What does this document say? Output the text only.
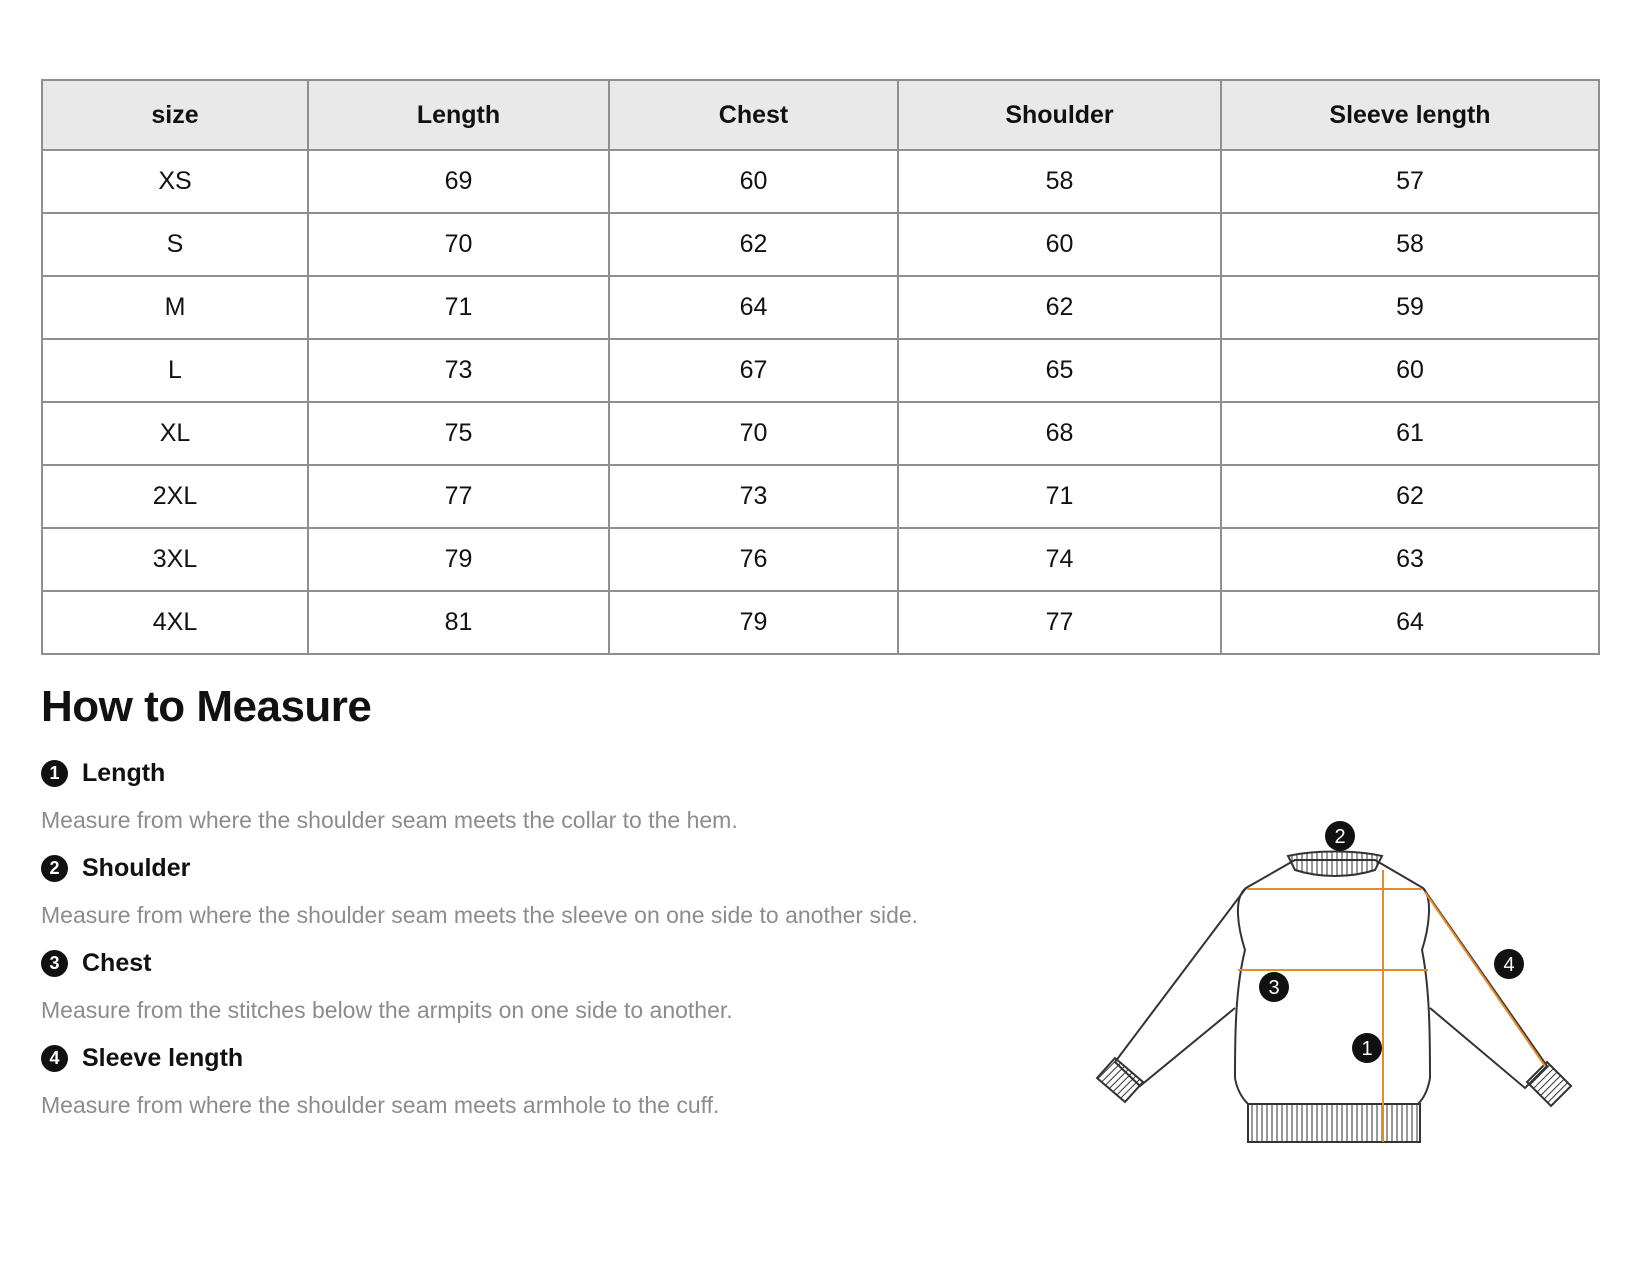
size	Length	Chest	Shoulder	Sleeve length
XS	69	60	58	57
S	70	62	60	58
M	71	64	62	59
L	73	67	65	60
XL	75	70	68	61
2XL	77	73	71	62
3XL	79	76	74	63
4XL	81	79	77	64
How to Measure
1 Length
Measure from where the shoulder seam meets the collar to the hem.
2 Shoulder
Measure from where the shoulder seam meets the sleeve on one side to another side.
3 Chest
Measure from the stitches below the armpits on one side to another.
4 Sleeve length
Measure from where the shoulder seam meets armhole to the cuff.
1
2
3
4
